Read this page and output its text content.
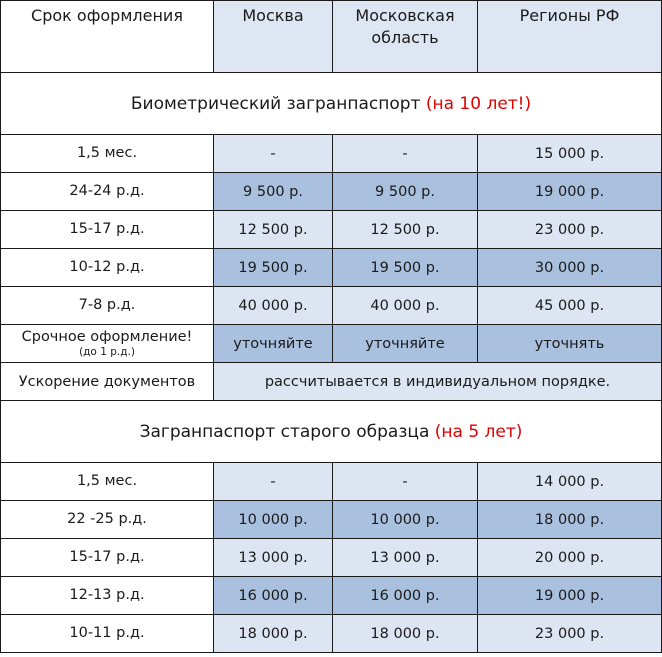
Срок оформления	Москва	Московская область	Регионы РФ
Биометрический загранпаспорт (на 10 лет!)			

1,5 мес.	-	-	15 000 р.

24-24 р.д.	9 500 р.	9 500 р.	19 000 р.

15-17 р.д.	12 500 р.	12 500 р.	23 000 р.

10-12 р.д.	19 500 р.	19 500 р.	30 000 р.

7-8 р.д.	40 000 р.	40 000 р.	45 000 р.

Срочное оформление!
(до 1 р.д.)	уточняйте	уточняйте	уточнять
Ускорение документов	рассчитывается в индивидуальном порядке.		
Загранпаспорт старого образца (на 5 лет)			

1,5 мес.	-	-	14 000 р.

22 -25 р.д.	10 000 р.	10 000 р.	18 000 р.

15-17 р.д.	13 000 р.	13 000 р.	20 000 р.

12-13 р.д.	16 000 р.	16 000 р.	19 000 р.

10-11 р.д.	18 000 р.	18 000 р.	23 000 р.
